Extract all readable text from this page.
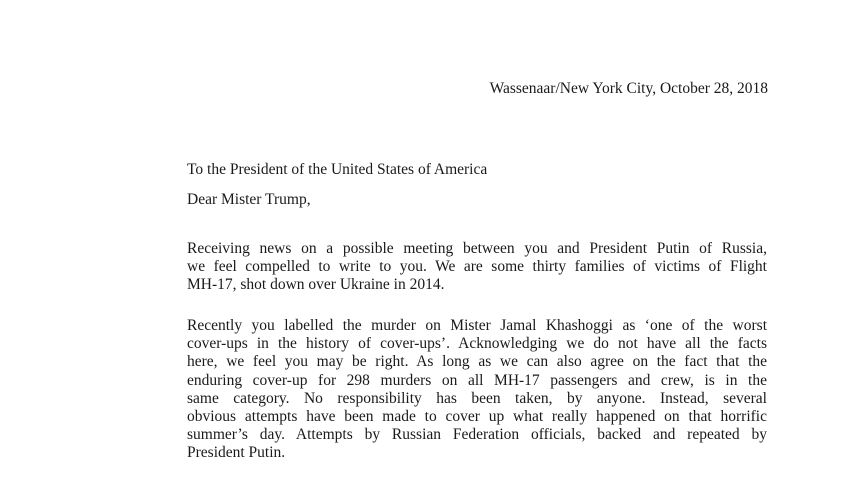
Wassenaar/New York City, October 28, 2018
To the President of the United States of America
Dear Mister Trump,

Receiving news on a possible meeting between you and President Putin of Russia,
we feel compelled to write to you. We are some thirty families of victims of Flight
MH-17, shot down over Ukraine in 2014.

Recently you labelled the murder on Mister Jamal Khashoggi as ‘one of the worst
cover-ups in the history of cover-ups’. Acknowledging we do not have all the facts
here, we feel you may be right. As long as we can also agree on the fact that the
enduring cover-up for 298 murders on all MH-17 passengers and crew, is in the
same category. No responsibility has been taken, by anyone. Instead, several
obvious attempts have been made to cover up what really happened on that horrific
summer’s day. Attempts by Russian Federation officials, backed and repeated by
President Putin.
